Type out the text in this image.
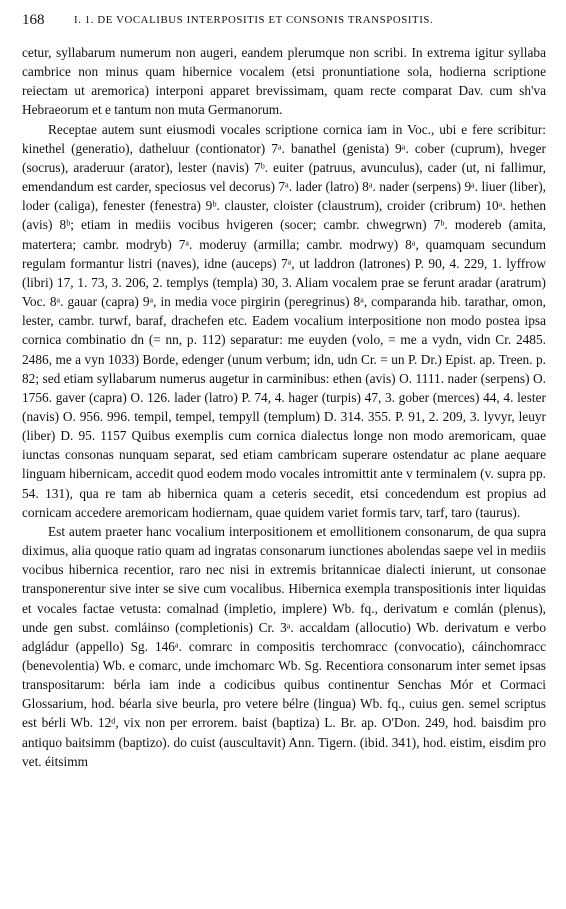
168	I. 1. DE VOCALIBUS INTERPOSITIS ET CONSONIS TRANSPOSITIS.

cetur, syllabarum numerum non augeri, eandem plerumque non scribi. In extrema igitur syllaba cambrice non minus quam hibernice vocalem (etsi pronuntiatione sola, hodierna scriptione reiectam ut aremorica) interponi apparet brevissimam, quam recte comparat Dav. cum sh'va Hebraeorum et e tantum non muta Germanorum.

Receptae autem sunt eiusmodi vocales scriptione cornica iam in Voc., ubi e fere scribitur: kinethel (generatio), datheluur (contionator) 7ᵃ. banathel (genista) 9ᵃ. cober (cuprum), hveger (socrus), araderuur (arator), lester (navis) 7ᵇ. euiter (patruus, avunculus), cader (ut, ni fallimur, emendandum est carder, speciosus vel decorus) 7ᵃ. lader (latro) 8ᵃ. nader (serpens) 9ᵃ. liuer (liber), loder (caliga), fenester (fenestra) 9ᵇ. clauster, cloister (claustrum), croider (cribrum) 10ᵃ. hethen (avis) 8ᵇ; etiam in mediis vocibus hvigeren (socer; cambr. chwegrwn) 7ᵇ. modereb (amita, matertera; cambr. modryb) 7ᵃ. moderuy (armilla; cambr. modrwy) 8ᵃ, quamquam secundum regulam formantur listri (naves), idne (auceps) 7ᵃ, ut laddron (latrones) P. 90, 4. 229, 1. lyffrow (libri) 17, 1. 73, 3. 206, 2. templys (templa) 30, 3. Aliam vocalem prae se ferunt aradar (aratrum) Voc. 8ᵃ. gauar (capra) 9ᵃ, in media voce pirgirin (peregrinus) 8ᵃ, comparanda hib. tarathar, omon, lester, cambr. turwf, baraf, drachefen etc. Eadem vocalium interpositione non modo postea ipsa cornica combinatio dn (= nn, p. 112) separatur: me euyden (volo, = me a vydn, vidn Cr. 2485. 2486, me a vyn 1033) Borde, edenger (unum verbum; idn, udn Cr. = un P. Dr.) Epist. ap. Treen. p. 82; sed etiam syllabarum numerus augetur in carminibus: ethen (avis) O. 1111. nader (serpens) O. 1756. gaver (capra) O. 126. lader (latro) P. 74, 4. hager (turpis) 47, 3. gober (merces) 44, 4. lester (navis) O. 956. 996. tempil, tempel, tempyll (templum) D. 314. 355. P. 91, 2. 209, 3. lyvyr, leuyr (liber) D. 95. 1157 Quibus exemplis cum cornica dialectus longe non modo aremoricam, quae iunctas consonas nunquam separat, sed etiam cambricam superare ostendatur ac plane aequare linguam hibernicam, accedit quod eodem modo vocales intromittit ante v terminalem (v. supra pp. 54. 131), qua re tam ab hibernica quam a ceteris secedit, etsi concedendum est propius ad cornicam accedere aremoricam hodiernam, quae quidem variet formis tarv, tarf, taro (taurus).

Est autem praeter hanc vocalium interpositionem et emollitionem consonarum, de qua supra diximus, alia quoque ratio quam ad ingratas consonarum iunctiones abolendas saepe vel in mediis vocibus hibernica recentior, raro nec nisi in extremis britannicae dialecti inierunt, ut consonae transponerentur sive inter se sive cum vocalibus. Hibernica exempla transpositionis inter liquidas et vocales factae vetusta: comalnad (impletio, implere) Wb. fq., derivatum e comlán (plenus), unde gen subst. comláinso (completionis) Cr. 3ᵃ. accaldam (allocutio) Wb. derivatum e verbo adgládur (appello) Sg. 146ᵃ. comrarc in compositis terchomracc (convocatio), cáinchomracc (benevolentia) Wb. e comarc, unde imchomarc Wb. Sg. Recentiora consonarum inter semet ipsas transpositarum: bérla iam inde a codicibus quibus continentur Senchas Mór et Cormaci Glossarium, hod. béarla sive beurla, pro vetere bélre (lingua) Wb. fq., cuius gen. semel scriptus est bérli Wb. 12ᵈ, vix non per errorem. baist (baptiza) L. Br. ap. O'Don. 249, hod. baisdim pro antiquo baitsimm (baptizo). do cuist (auscultavit) Ann. Tigern. (ibid. 341), hod. eistim, eisdim pro vet. éitsimm
